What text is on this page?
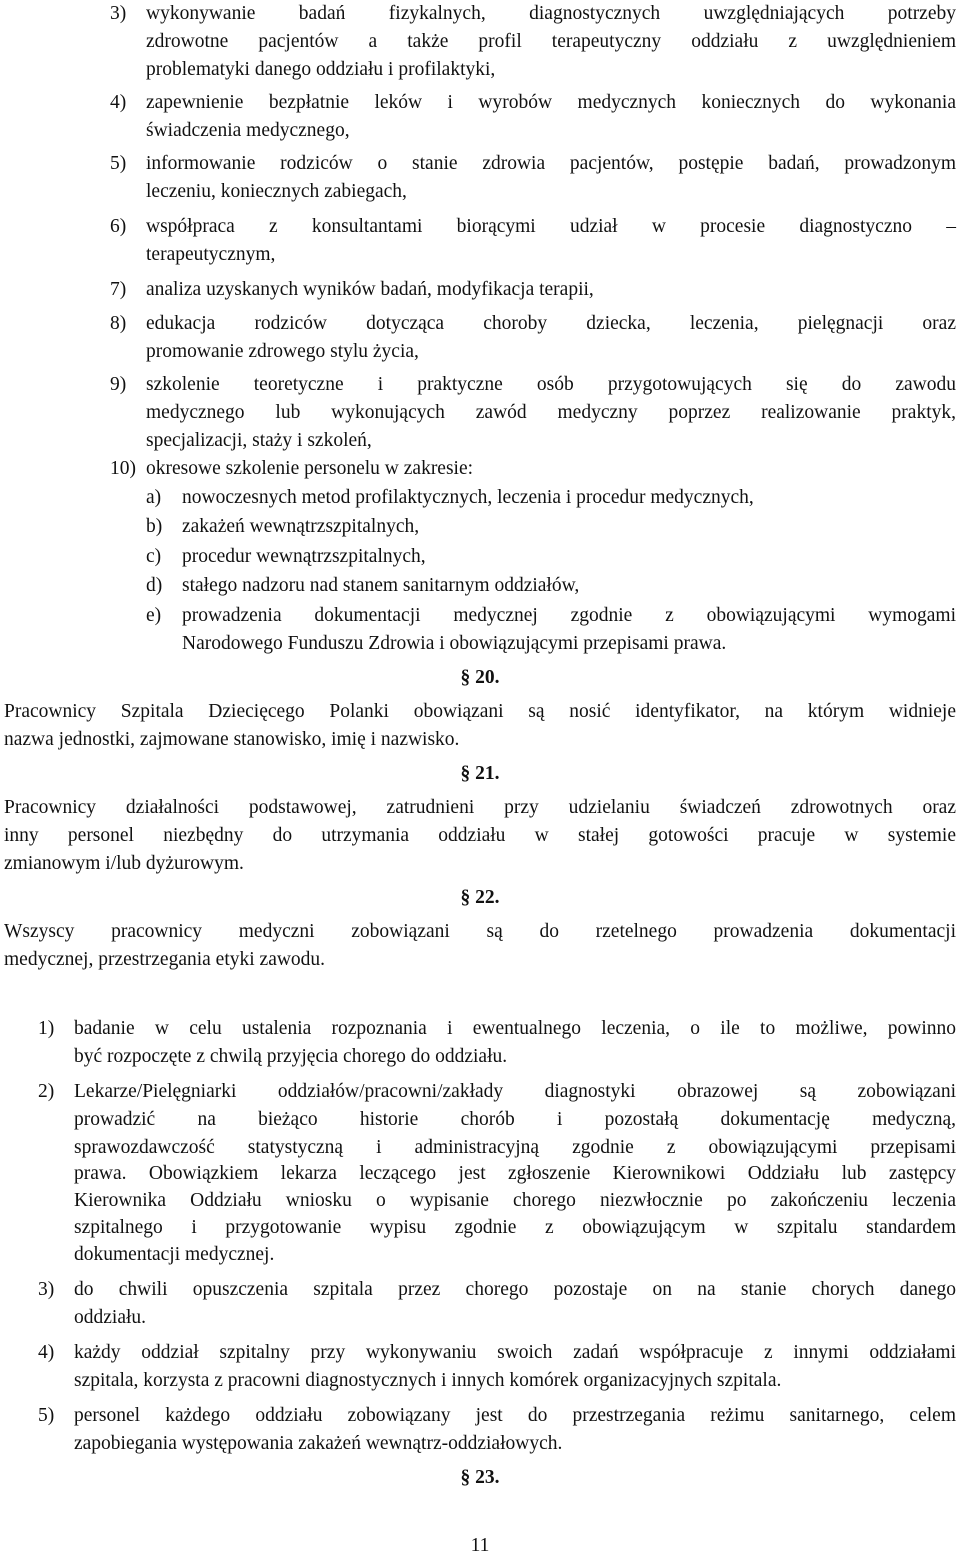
3) wykonywanie badań fizykalnych, diagnostycznych uwzględniających potrzeby
zdrowotne pacjentów a także profil terapeutyczny oddziału z uwzględnieniem
problematyki danego oddziału i profilaktyki,
4) zapewnienie bezpłatnie leków i wyrobów medycznych koniecznych do wykonania
świadczenia medycznego,
5) informowanie rodziców o stanie zdrowia pacjentów, postępie badań, prowadzonym
leczeniu, koniecznych zabiegach,
6) współpraca z konsultantami biorącymi udział w procesie diagnostyczno –
terapeutycznym,
7) analiza uzyskanych wyników badań, modyfikacja terapii,
8) edukacja rodziców dotycząca choroby dziecka, leczenia, pielęgnacji oraz
promowanie zdrowego stylu życia,
9) szkolenie teoretyczne i praktyczne osób przygotowujących się do zawodu
medycznego lub wykonujących zawód medyczny poprzez realizowanie praktyk,
specjalizacji, staży i szkoleń,
10) okresowe szkolenie personelu w zakresie:
a) nowoczesnych metod profilaktycznych, leczenia i procedur medycznych,
b) zakażeń wewnątrzszpitalnych,
c) procedur wewnątrzszpitalnych,
d) stałego nadzoru nad stanem sanitarnym oddziałów,
e) prowadzenia dokumentacji medycznej zgodnie z obowiązującymi wymogami
Narodowego Funduszu Zdrowia i obowiązującymi przepisami prawa.
§ 20.
Pracownicy Szpitala Dziecięcego Polanki obowiązani są nosić identyfikator, na którym widnieje
nazwa jednostki, zajmowane stanowisko, imię i nazwisko.
§ 21.
Pracownicy działalności podstawowej, zatrudnieni przy udzielaniu świadczeń zdrowotnych oraz
inny personel niezbędny do utrzymania oddziału w stałej gotowości pracuje w systemie
zmianowym i/lub dyżurowym.
§ 22.
Wszyscy pracownicy medyczni zobowiązani są do rzetelnego prowadzenia dokumentacji
medycznej, przestrzegania etyki zawodu.
1) badanie w celu ustalenia rozpoznania i ewentualnego leczenia, o ile to możliwe, powinno
być rozpoczęte z chwilą przyjęcia chorego do oddziału.
2) Lekarze/Pielęgniarki oddziałów/pracowni/zakłady diagnostyki obrazowej są zobowiązani
prowadzić na bieżąco historie chorób i pozostałą dokumentację medyczną,
sprawozdawczość statystyczną i administracyjną zgodnie z obowiązującymi przepisami
prawa. Obowiązkiem lekarza leczącego jest zgłoszenie Kierownikowi Oddziału lub zastępcy
Kierownika Oddziału wniosku o wypisanie chorego niezwłocznie po zakończeniu leczenia
szpitalnego i przygotowanie wypisu zgodnie z obowiązującym w szpitalu standardem
dokumentacji medycznej.
3) do chwili opuszczenia szpitala przez chorego pozostaje on na stanie chorych danego
oddziału.
4) każdy oddział szpitalny przy wykonywaniu swoich zadań współpracuje z innymi oddziałami
szpitala, korzysta z pracowni diagnostycznych i innych komórek organizacyjnych szpitala.
5) personel każdego oddziału zobowiązany jest do przestrzegania reżimu sanitarnego, celem
zapobiegania występowania zakażeń wewnątrz-oddziałowych.
§ 23.
11
